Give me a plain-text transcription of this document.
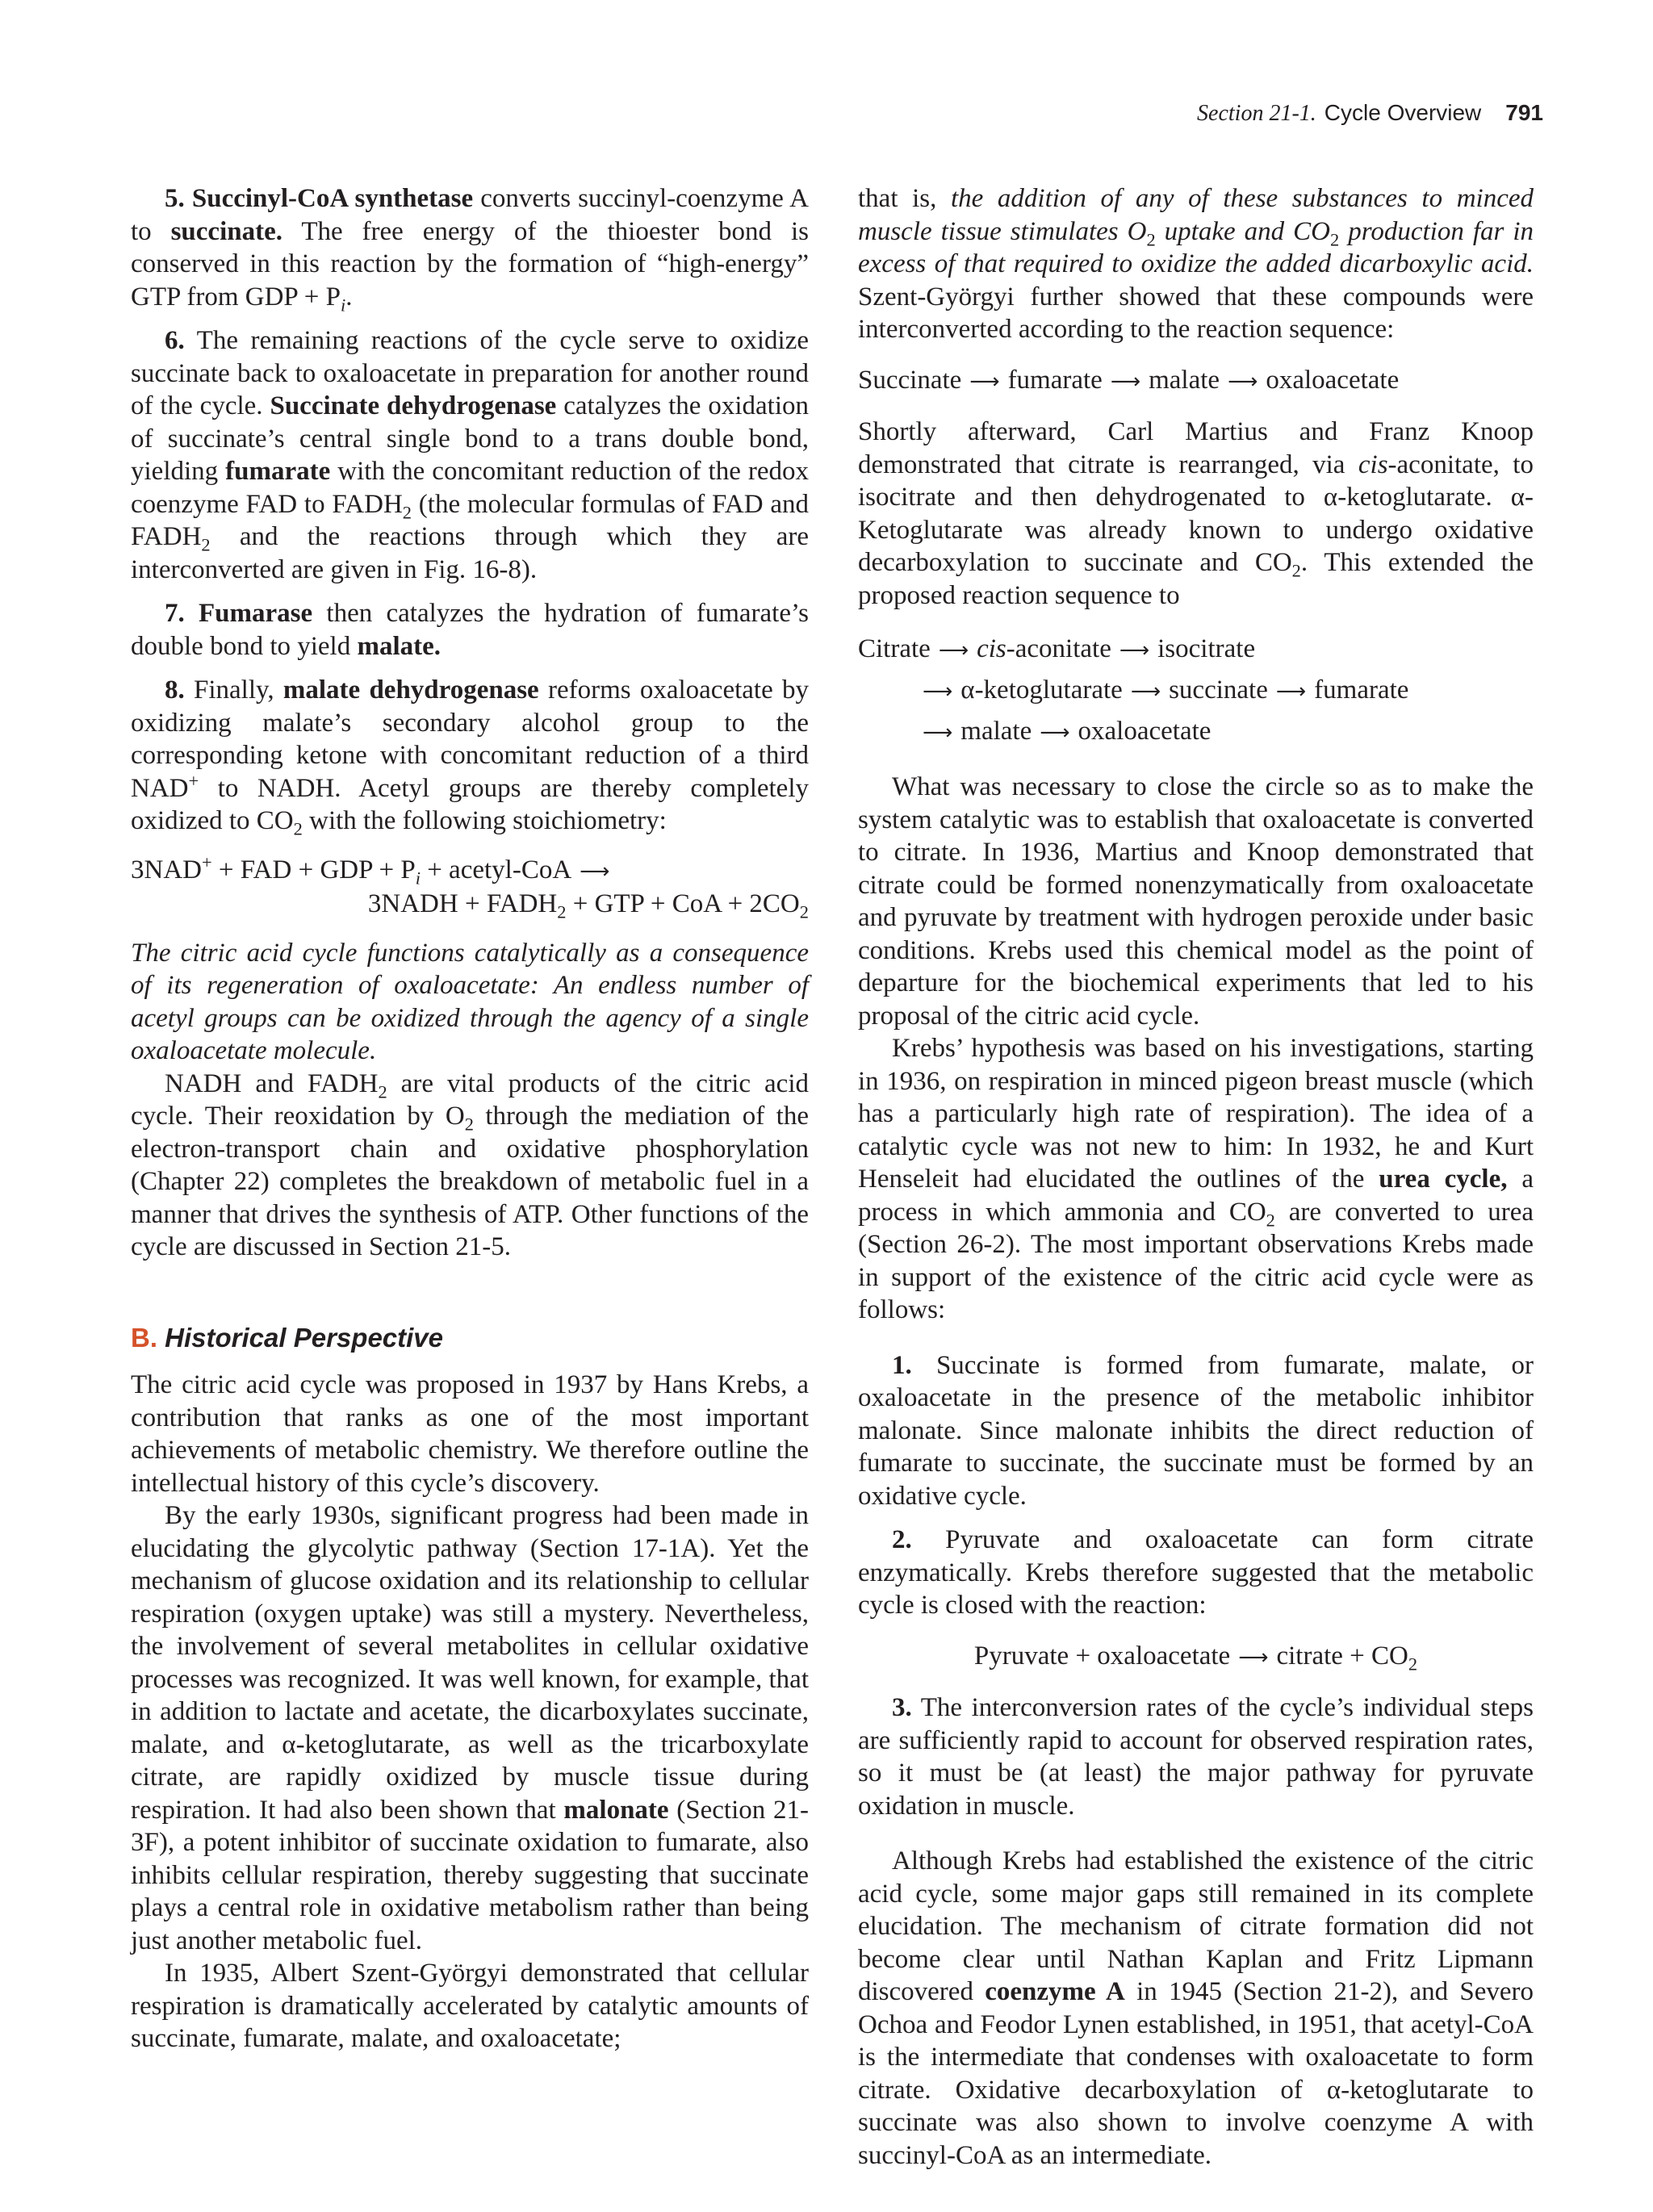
Section 21-1. Cycle Overview 791

5. Succinyl-CoA synthetase converts succinyl-coenzyme A to succinate. The free energy of the thioester bond is conserved in this reaction by the formation of “high-energy” GTP from GDP + $P_i$.

6. The remaining reactions of the cycle serve to oxidize succinate back to oxaloacetate in preparation for another round of the cycle. Succinate dehydrogenase catalyzes the oxidation of succinate’s central single bond to a trans double bond, yielding fumarate with the concomitant reduction of the redox coenzyme FAD to $FADH_2$ (the molecular formulas of FAD and $FADH_2$ and the reactions through which they are interconverted are given in Fig. 16-8).

7. Fumarase then catalyzes the hydration of fumarate’s double bond to yield malate.

8. Finally, malate dehydrogenase reforms oxaloacetate by oxidizing malate’s secondary alcohol group to the corresponding ketone with concomitant reduction of a third NAD+ to NADH. Acetyl groups are thereby completely oxidized to $CO_2$ with the following stoichiometry:

3NAD+ + FAD + GDP + $P_i$ + acetyl-CoA ⟶
3NADH + $FADH_2$ + GTP + CoA + $2CO_2$

The citric acid cycle functions catalytically as a consequence of its regeneration of oxaloacetate: An endless number of acetyl groups can be oxidized through the agency of a single oxaloacetate molecule.

NADH and $FADH_2$ are vital products of the citric acid cycle. Their reoxidation by $O_2$ through the mediation of the electron-transport chain and oxidative phosphorylation (Chapter 22) completes the breakdown of metabolic fuel in a manner that drives the synthesis of ATP. Other functions of the cycle are discussed in Section 21-5.

B. Historical Perspective

The citric acid cycle was proposed in 1937 by Hans Krebs, a contribution that ranks as one of the most important achievements of metabolic chemistry. We therefore outline the intellectual history of this cycle’s discovery.

By the early 1930s, significant progress had been made in elucidating the glycolytic pathway (Section 17-1A). Yet the mechanism of glucose oxidation and its relationship to cellular respiration (oxygen uptake) was still a mystery. Nevertheless, the involvement of several metabolites in cellular oxidative processes was recognized. It was well known, for example, that in addition to lactate and acetate, the dicarboxylates succinate, malate, and α-ketoglutarate, as well as the tricarboxylate citrate, are rapidly oxidized by muscle tissue during respiration. It had also been shown that malonate (Section 21-3F), a potent inhibitor of succinate oxidation to fumarate, also inhibits cellular respiration, thereby suggesting that succinate plays a central role in oxidative metabolism rather than being just another metabolic fuel.

In 1935, Albert Szent-Györgyi demonstrated that cellular respiration is dramatically accelerated by catalytic amounts of succinate, fumarate, malate, and oxaloacetate;

that is, the addition of any of these substances to minced muscle tissue stimulates $O_2$ uptake and $CO_2$ production far in excess of that required to oxidize the added dicarboxylic acid. Szent-Györgyi further showed that these compounds were interconverted according to the reaction sequence:

Succinate ⟶ fumarate ⟶ malate ⟶ oxaloacetate

Shortly afterward, Carl Martius and Franz Knoop demonstrated that citrate is rearranged, via cis-aconitate, to isocitrate and then dehydrogenated to α-ketoglutarate. α-Ketoglutarate was already known to undergo oxidative decarboxylation to succinate and $CO_2$. This extended the proposed reaction sequence to

Citrate ⟶ cis-aconitate ⟶ isocitrate
⟶ α-ketoglutarate ⟶ succinate ⟶ fumarate
⟶ malate ⟶ oxaloacetate

What was necessary to close the circle so as to make the system catalytic was to establish that oxaloacetate is converted to citrate. In 1936, Martius and Knoop demonstrated that citrate could be formed nonenzymatically from oxaloacetate and pyruvate by treatment with hydrogen peroxide under basic conditions. Krebs used this chemical model as the point of departure for the biochemical experiments that led to his proposal of the citric acid cycle.

Krebs’ hypothesis was based on his investigations, starting in 1936, on respiration in minced pigeon breast muscle (which has a particularly high rate of respiration). The idea of a catalytic cycle was not new to him: In 1932, he and Kurt Henseleit had elucidated the outlines of the urea cycle, a process in which ammonia and $CO_2$ are converted to urea (Section 26-2). The most important observations Krebs made in support of the existence of the citric acid cycle were as follows:

1. Succinate is formed from fumarate, malate, or oxaloacetate in the presence of the metabolic inhibitor malonate. Since malonate inhibits the direct reduction of fumarate to succinate, the succinate must be formed by an oxidative cycle.

2. Pyruvate and oxaloacetate can form citrate enzymatically. Krebs therefore suggested that the metabolic cycle is closed with the reaction:

Pyruvate + oxaloacetate ⟶ citrate + $CO_2$

3. The interconversion rates of the cycle’s individual steps are sufficiently rapid to account for observed respiration rates, so it must be (at least) the major pathway for pyruvate oxidation in muscle.

Although Krebs had established the existence of the citric acid cycle, some major gaps still remained in its complete elucidation. The mechanism of citrate formation did not become clear until Nathan Kaplan and Fritz Lipmann discovered coenzyme A in 1945 (Section 21-2), and Severo Ochoa and Feodor Lynen established, in 1951, that acetyl-CoA is the intermediate that condenses with oxaloacetate to form citrate. Oxidative decarboxylation of α-ketoglutarate to succinate was also shown to involve coenzyme A with succinyl-CoA as an intermediate.
